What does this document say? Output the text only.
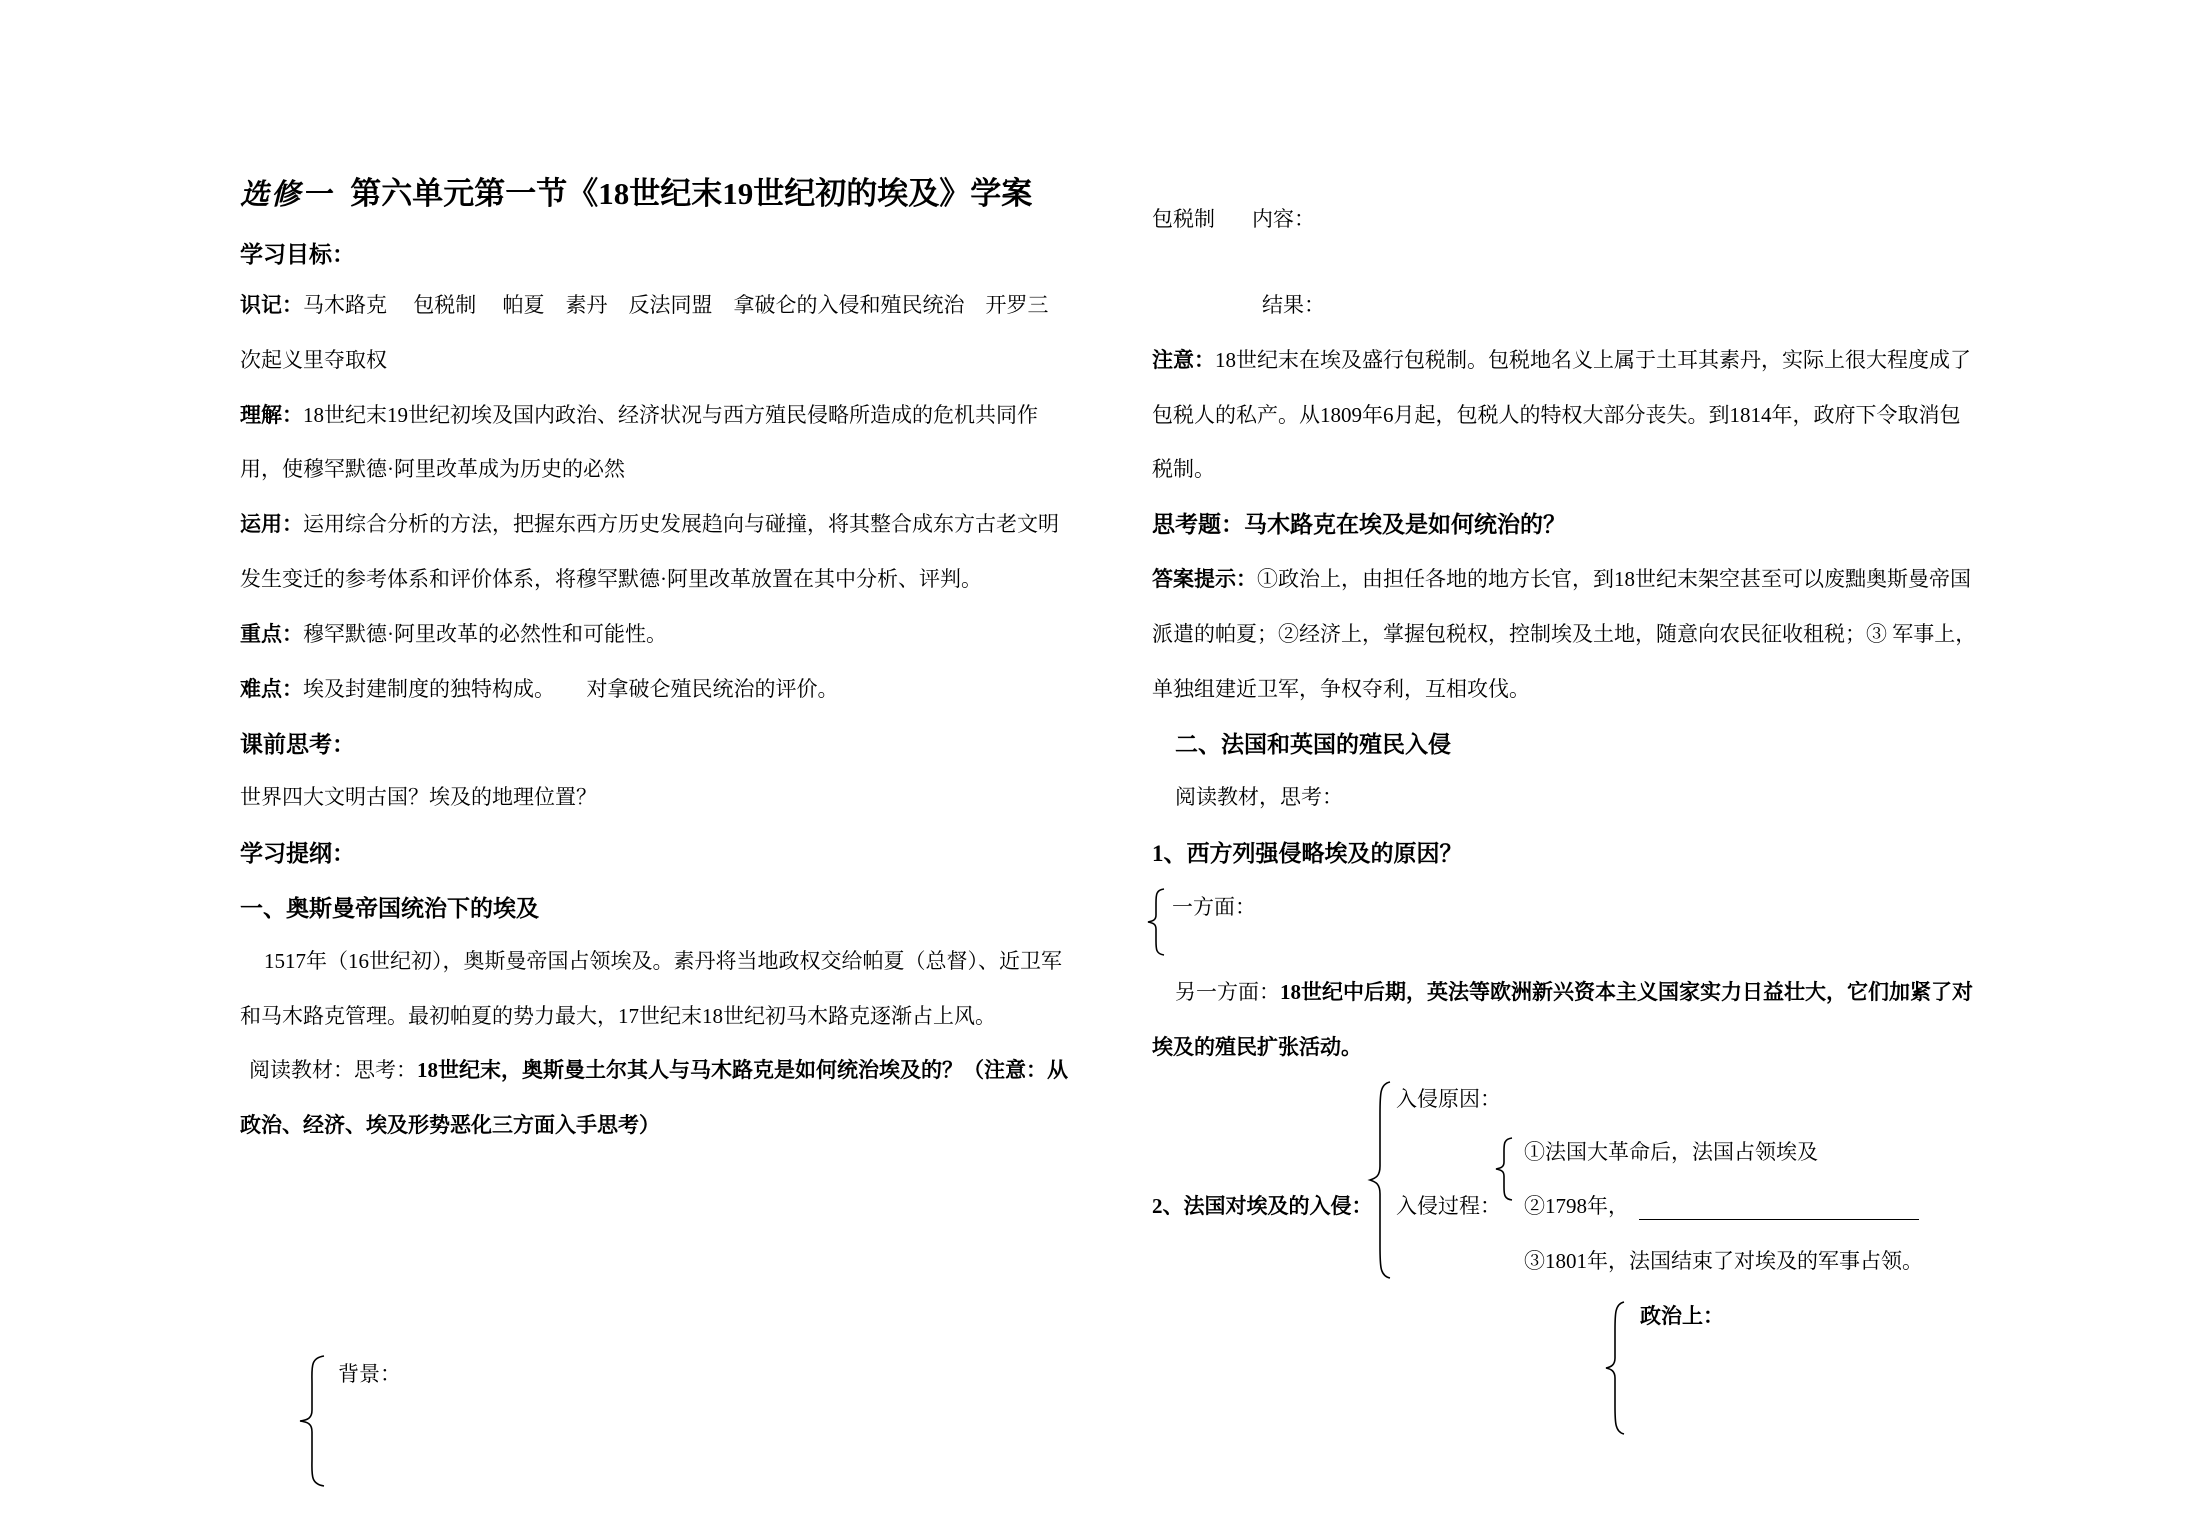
选修一 第六单元第一节《18世纪末19世纪初的埃及》学案
学习目标：
识记：马木路克　 包税制 　帕夏　素丹　反法同盟　拿破仑的入侵和殖民统治　开罗三
次起义里夺取权
理解：18世纪末19世纪初埃及国内政治、经济状况与西方殖民侵略所造成的危机共同作
用，使穆罕默德·阿里改革成为历史的必然
运用：运用综合分析的方法，把握东西方历史发展趋向与碰撞，将其整合成东方古老文明
发生变迁的参考体系和评价体系，将穆罕默德·阿里改革放置在其中分析、评判。
重点：穆罕默德·阿里改革的必然性和可能性。
难点：埃及封建制度的独特构成。　　对拿破仑殖民统治的评价。
课前思考：
世界四大文明古国？埃及的地理位置？
学习提纲：
一、奥斯曼帝国统治下的埃及
1517年（16世纪初），奥斯曼帝国占领埃及。素丹将当地政权交给帕夏（总督）、近卫军
和马木路克管理。最初帕夏的势力最大，17世纪末18世纪初马木路克逐渐占上风。
阅读教材：思考：18世纪末，奥斯曼土尔其人与马木路克是如何统治埃及的？（注意：从
政治、经济、埃及形势恶化三方面入手思考）
背景：
包税制 内容：
结果：
注意：18世纪末在埃及盛行包税制。包税地名义上属于土耳其素丹，实际上很大程度成了
包税人的私产。从1809年6月起，包税人的特权大部分丧失。到1814年，政府下令取消包
税制。
思考题：马木路克在埃及是如何统治的？
答案提示：①政治上，由担任各地的地方长官，到18世纪末架空甚至可以废黜奥斯曼帝国
派遣的帕夏；②经济上，掌握包税权，控制埃及土地，随意向农民征收租税；③ 军事上，
单独组建近卫军，争权夺利，互相攻伐。
二、法国和英国的殖民入侵
阅读教材，思考：
1、西方列强侵略埃及的原因？
一方面：
另一方面：18世纪中后期，英法等欧洲新兴资本主义国家实力日益壮大，它们加紧了对
埃及的殖民扩张活动。
入侵原因：
2、法国对埃及的入侵： 入侵过程：
①法国大革命后，法国占领埃及
②1798年，
③1801年，法国结束了对埃及的军事占领。
政治上：
